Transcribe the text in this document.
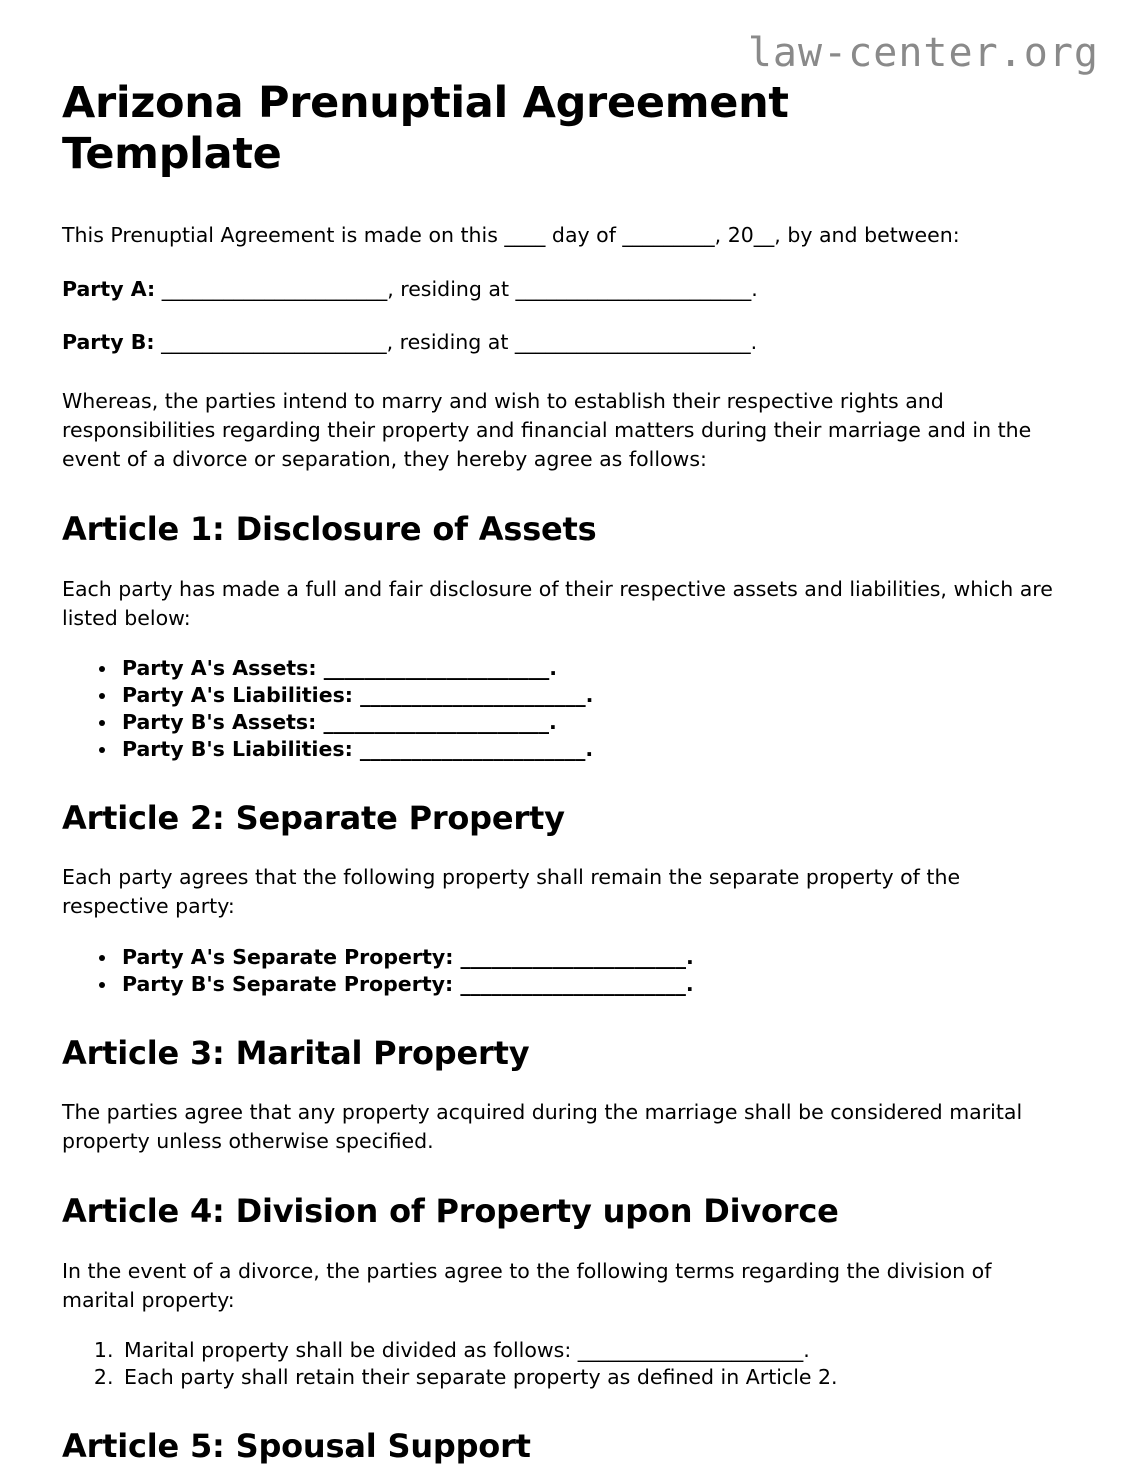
law-center.org
Arizona Prenuptial Agreement Template

This Prenuptial Agreement is made on this ____ day of _________, 20__, by and between:

Party A: ______________________, residing at _______________________.

Party B: ______________________, residing at _______________________.

Whereas, the parties intend to marry and wish to establish their respective rights and responsibilities regarding their property and financial matters during their marriage and in the event of a divorce or separation, they hereby agree as follows:

Article 1: Disclosure of Assets

Each party has made a full and fair disclosure of their respective assets and liabilities, which are listed below:

• Party A's Assets: ______________________.
• Party A's Liabilities: ______________________.
• Party B's Assets: ______________________.
• Party B's Liabilities: ______________________.
Article 2: Separate Property

Each party agrees that the following property shall remain the separate property of the respective party:

• Party A's Separate Property: ______________________.
• Party B's Separate Property: ______________________.
Article 3: Marital Property

The parties agree that any property acquired during the marriage shall be considered marital property unless otherwise specified.

Article 4: Division of Property upon Divorce

In the event of a divorce, the parties agree to the following terms regarding the division of marital property:

1. Marital property shall be divided as follows: ______________________.
2. Each party shall retain their separate property as defined in Article 2.
Article 5: Spousal Support
